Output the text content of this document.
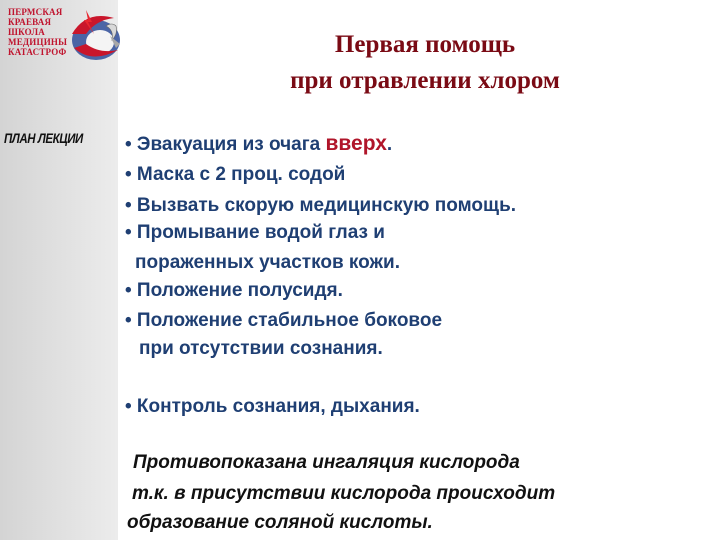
ПЕРМСКАЯ
КРАЕВАЯ
ШКОЛА
МЕДИЦИНЫ
КАТАСТРОФ
ПЛАН ЛЕКЦИИ
Первая помощь
при отравлении хлором
• Эвакуация из очага вверх.
• Маска с 2 проц. содой
• Вызвать скорую медицинскую помощь.
• Промывание водой глаз и
пораженных участков кожи.
• Положение полусидя.
• Положение стабильное боковое
при отсутствии сознания.
• Контроль сознания, дыхания.
Противопоказана ингаляция кислорода
т.к. в присутствии кислорода происходит
образование соляной кислоты.
